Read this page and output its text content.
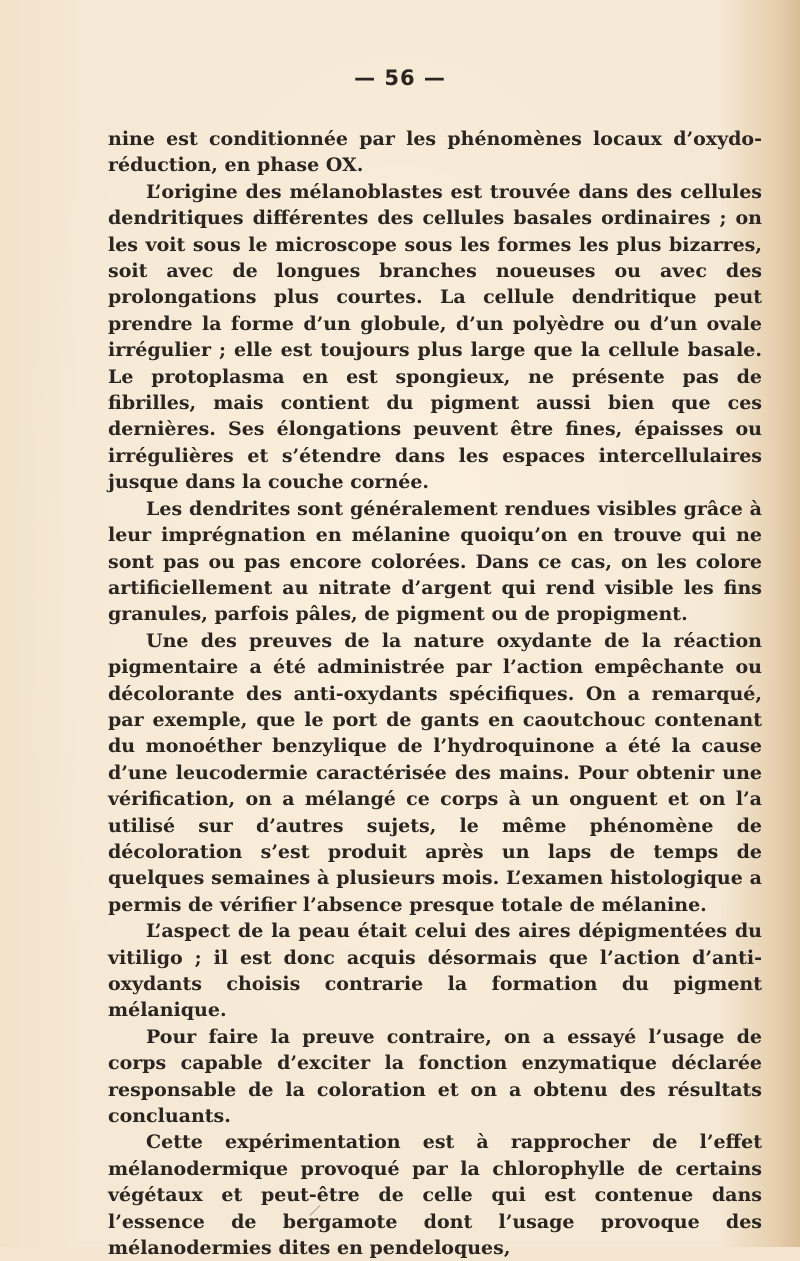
— 56 —

nine est conditionnée par les phénomènes locaux d’oxydo-réduction, en phase OX.

L’origine des mélanoblastes est trouvée dans des cellules dendritiques différentes des cellules basales ordinaires ; on les voit sous le microscope sous les formes les plus bizarres, soit avec de longues branches noueuses ou avec des prolongations plus courtes. La cellule dendritique peut prendre la forme d’un globule, d’un polyèdre ou d’un ovale irrégulier ; elle est toujours plus large que la cellule basale. Le protoplasma en est spongieux, ne présente pas de fibrilles, mais contient du pigment aussi bien que ces dernières. Ses élongations peuvent être fines, épaisses ou irrégulières et s’étendre dans les espaces intercellulaires jusque dans la couche cornée.

Les dendrites sont généralement rendues visibles grâce à leur imprégnation en mélanine quoiqu’on en trouve qui ne sont pas ou pas encore colorées. Dans ce cas, on les colore artificiellement au nitrate d’argent qui rend visible les fins granules, parfois pâles, de pigment ou de propigment.

Une des preuves de la nature oxydante de la réaction pigmentaire a été administrée par l’action empêchante ou décolorante des anti-oxydants spécifiques. On a remarqué, par exemple, que le port de gants en caoutchouc contenant du monoéther benzylique de l’hydroquinone a été la cause d’une leucodermie caractérisée des mains. Pour obtenir une vérification, on a mélangé ce corps à un onguent et on l’a utilisé sur d’autres sujets, le même phénomène de décoloration s’est produit après un laps de temps de quelques semaines à plusieurs mois. L’examen histologique a permis de vérifier l’absence presque totale de mélanine.

L’aspect de la peau était celui des aires dépigmentées du vitiligo ; il est donc acquis désormais que l’action d’anti-oxydants choisis contrarie la formation du pigment mélanique.

Pour faire la preuve contraire, on a essayé l’usage de corps capable d’exciter la fonction enzymatique déclarée responsable de la coloration et on a obtenu des résultats concluants.

Cette expérimentation est à rapprocher de l’effet mélanodermique provoqué par la chlorophylle de certains végétaux et peut-être de celle qui est contenue dans l’essence de bergamote dont l’usage provoque des mélanodermies dites en pendeloques,
